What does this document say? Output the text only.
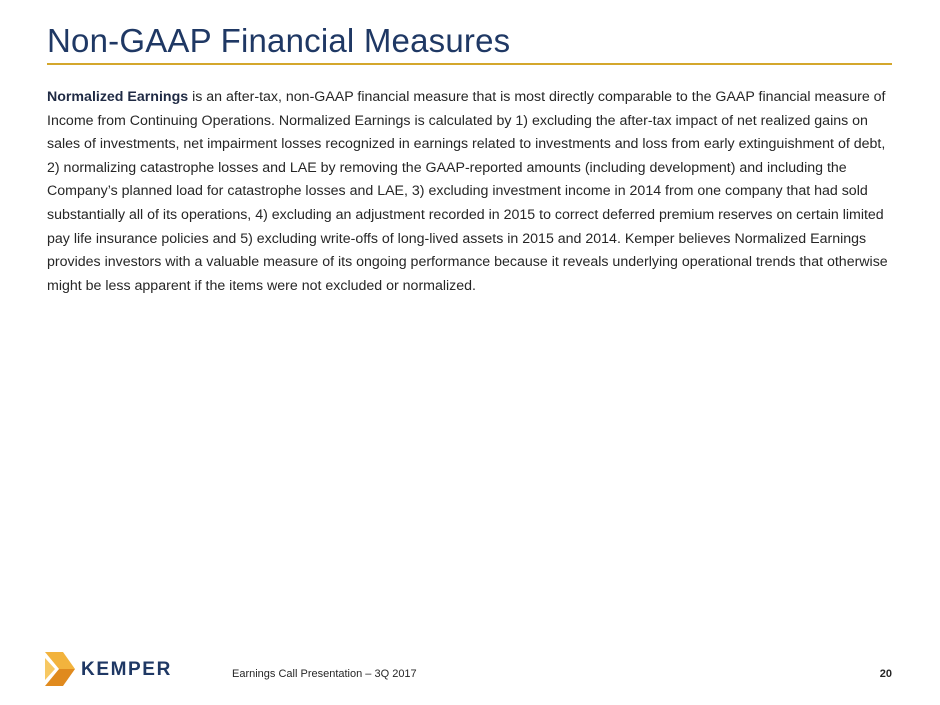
Non-GAAP Financial Measures
Normalized Earnings is an after-tax, non-GAAP financial measure that is most directly comparable to the GAAP financial measure of Income from Continuing Operations. Normalized Earnings is calculated by 1) excluding the after-tax impact of net realized gains on sales of investments, net impairment losses recognized in earnings related to investments and loss from early extinguishment of debt, 2) normalizing catastrophe losses and LAE by removing the GAAP-reported amounts (including development) and including the Company’s planned load for catastrophe losses and LAE, 3) excluding investment income in 2014 from one company that had sold substantially all of its operations, 4) excluding an adjustment recorded in 2015 to correct deferred premium reserves on certain limited pay life insurance policies and 5) excluding write-offs of long-lived assets in 2015 and 2014. Kemper believes Normalized Earnings provides investors with a valuable measure of its ongoing performance because it reveals underlying operational trends that otherwise might be less apparent if the items were not excluded or normalized.
KEMPER	Earnings Call Presentation – 3Q 2017	20
